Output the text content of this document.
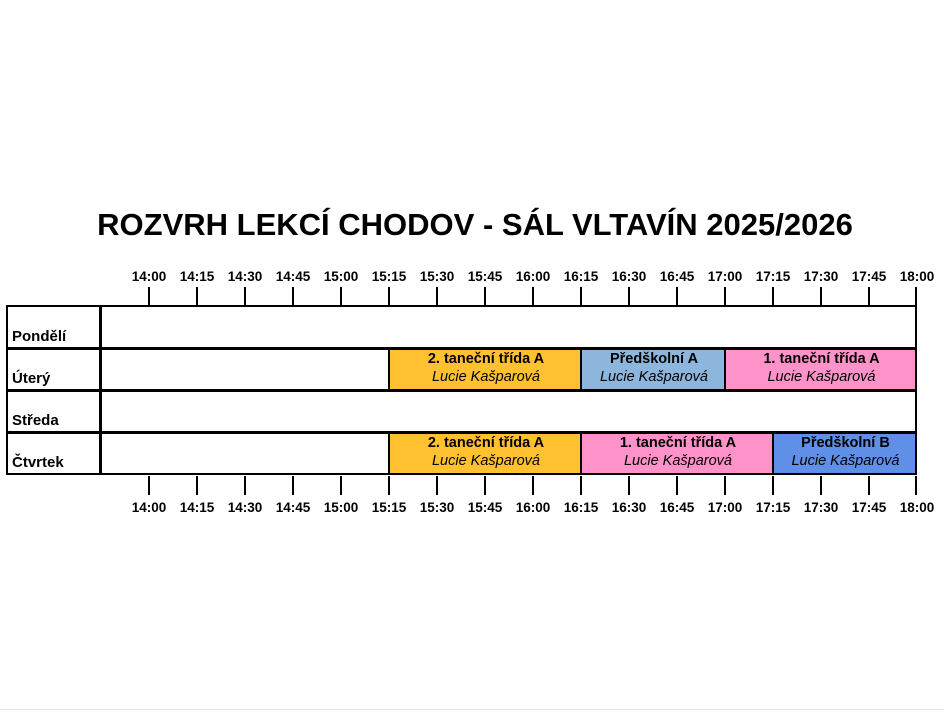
ROZVRH LEKCÍ CHODOV - SÁL VLTAVÍN 2025/2026
14:00 14:15 14:30 14:45 15:00 15:15 15:30 15:45 16:00 16:15 16:30 16:45 17:00 17:15 17:30 17:45 18:00
2. taneční třída A
Lucie Kašparová
Předškolní A
Lucie Kašparová
1. taneční třída A
Lucie Kašparová
2. taneční třída A
Lucie Kašparová
1. taneční třída A
Lucie Kašparová
Předškolní B
Lucie Kašparová
Pondělí
Úterý
Středa
Čtvrtek
14:00 14:15 14:30 14:45 15:00 15:15 15:30 15:45 16:00 16:15 16:30 16:45 17:00 17:15 17:30 17:45 18:00
